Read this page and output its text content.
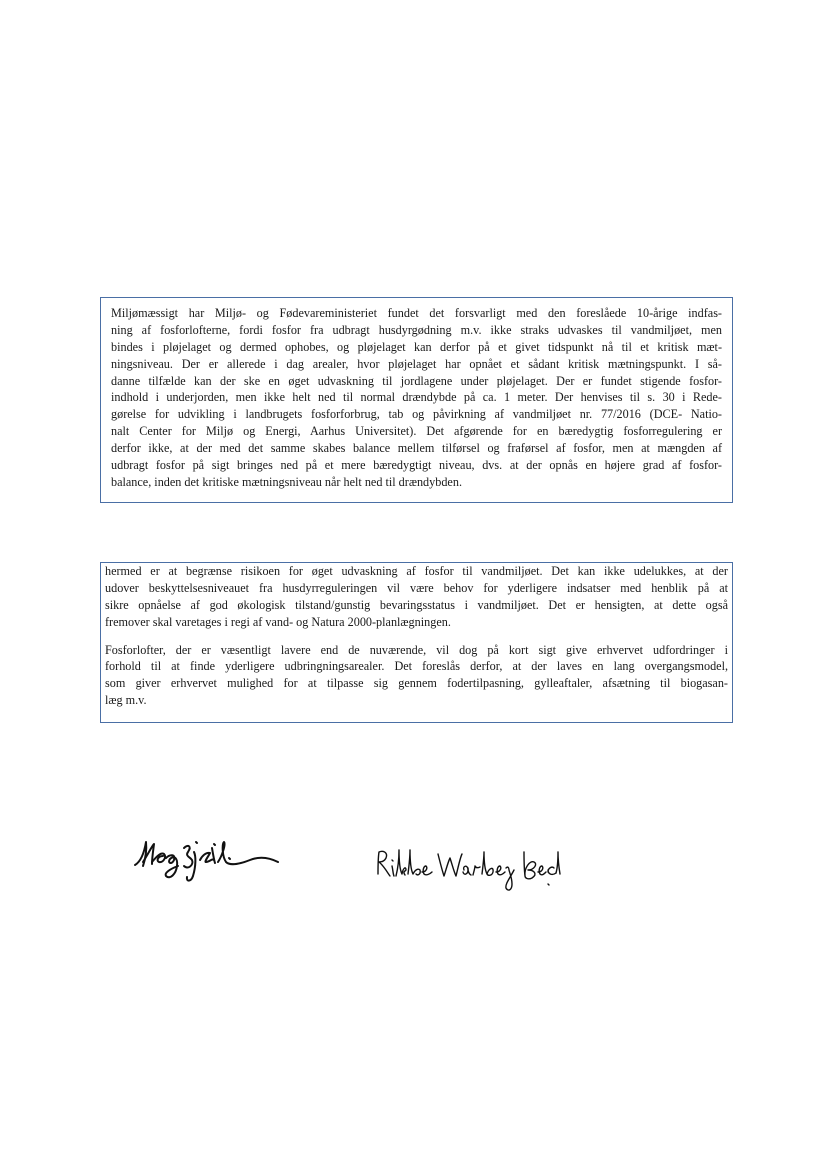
Miljømæssigt har Miljø- og Fødevareministeriet fundet det forsvarligt med den foreslåede 10-årige indfas-
ning af fosforlofterne, fordi fosfor fra udbragt husdyrgødning m.v. ikke straks udvaskes til vandmiljøet, men
bindes i pløjelaget og dermed ophobes, og pløjelaget kan derfor på et givet tidspunkt nå til et kritisk mæt-
ningsniveau. Der er allerede i dag arealer, hvor pløjelaget har opnået et sådant kritisk mætningspunkt. I så-
danne tilfælde kan der ske en øget udvaskning til jordlagene under pløjelaget. Der er fundet stigende fosfor-
indhold i underjorden, men ikke helt ned til normal drændybde på ca. 1 meter. Der henvises til s. 30 i Rede-
gørelse for udvikling i landbrugets fosforforbrug, tab og påvirkning af vandmiljøet nr. 77/2016 (DCE- Natio-
nalt Center for Miljø og Energi, Aarhus Universitet). Det afgørende for en bæredygtig fosforregulering er
derfor ikke, at der med det samme skabes balance mellem tilførsel og fraførsel af fosfor, men at mængden af
udbragt fosfor på sigt bringes ned på et mere bæredygtigt niveau, dvs. at der opnås en højere grad af fosfor-
balance, inden det kritiske mætningsniveau når helt ned til drændybden.
hermed er at begrænse risikoen for øget udvaskning af fosfor til vandmiljøet. Det kan ikke udelukkes, at der
udover beskyttelsesniveauet fra husdyrreguleringen vil være behov for yderligere indsatser med henblik på at
sikre opnåelse af god økologisk tilstand/gunstig bevaringsstatus i vandmiljøet. Det er hensigten, at dette også
fremover skal varetages i regi af vand- og Natura 2000-planlægningen.
Fosforlofter, der er væsentligt lavere end de nuværende, vil dog på kort sigt give erhvervet udfordringer i
forhold til at finde yderligere udbringningsarealer. Det foreslås derfor, at der laves en lang overgangsmodel,
som giver erhvervet mulighed for at tilpasse sig gennem fodertilpasning, gylleaftaler, afsætning til biogasan-
læg m.v.
